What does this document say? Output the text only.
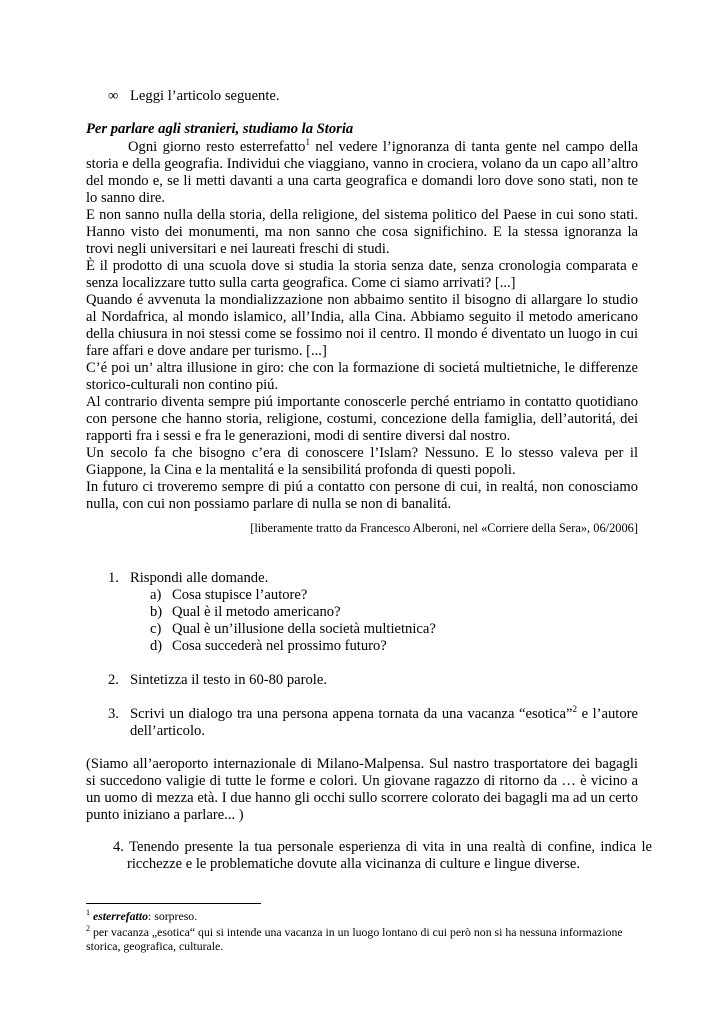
∞ Leggi l’articolo seguente.
Per parlare agli stranieri, studiamo la Storia

Ogni giorno resto esterrefatto$^1$ nel vedere l’ignoranza di tanta gente nel campo della storia e della geografia. Individui che viaggiano, vanno in crociera, volano da un capo all’altro del mondo e, se li metti davanti a una carta geografica e domandi loro dove sono stati, non te lo sanno dire.

E non sanno nulla della storia, della religione, del sistema politico del Paese in cui sono stati. Hanno visto dei monumenti, ma non sanno che cosa significhino. E la stessa ignoranza la trovi negli universitari e nei laureati freschi di studi.

È il prodotto di una scuola dove si studia la storia senza date, senza cronologia comparata e senza localizzare tutto sulla carta geografica. Come ci siamo arrivati? [...]

Quando é avvenuta la mondializzazione non abbaimo sentito il bisogno di allargare lo studio al Nordafrica, al mondo islamico, all’India, alla Cina. Abbiamo seguito il metodo americano della chiusura in noi stessi come se fossimo noi il centro. Il mondo é diventato un luogo in cui fare affari e dove andare per turismo. [...]

C’é poi un’ altra illusione in giro: che con la formazione di societá multietniche, le differenze storico-culturali non contino piú.

Al contrario diventa sempre piú importante conoscerle perché entriamo in contatto quotidiano con persone che hanno storia, religione, costumi, concezione della famiglia, dell’autoritá, dei rapporti fra i sessi e fra le generazioni, modi di sentire diversi dal nostro.

Un secolo fa che bisogno c’era di conoscere l’Islam? Nessuno. E lo stesso valeva per il Giappone, la Cina e la mentalitá e la sensibilitá profonda di questi popoli.

In futuro ci troveremo sempre di piú a contatto con persone di cui, in realtá, non conosciamo nulla, con cui non possiamo parlare di nulla se non di banalitá.

[liberamente tratto da Francesco Alberoni, nel «Corriere della Sera», 06/2006]
1. Rispondi alle domande.
a) Cosa stupisce l’autore?
b) Qual è il metodo americano?
c) Qual è un’illusione della società multietnica?
d) Cosa succederà nel prossimo futuro?
2. Sintetizza il testo in 60-80 parole.
3. Scrivi un dialogo tra una persona appena tornata da una vacanza “esotica”$^2$ e l’autore dell’articolo.
(Siamo all’aeroporto internazionale di Milano-Malpensa. Sul nastro trasportatore dei bagagli si succedono valigie di tutte le forme e colori. Un giovane ragazzo di ritorno da … è vicino a un uomo di mezza età. I due hanno gli occhi sullo scorrere colorato dei bagagli ma ad un certo punto iniziano a parlare... )
4. Tenendo presente la tua personale esperienza di vita in una realtà di confine, indica le ricchezze e le problematiche dovute alla vicinanza di culture e lingue diverse.
$^1$ esterrefatto: sorpreso.
$^2$ per vacanza „esotica“ qui si intende una vacanza in un luogo lontano di cui però non si ha nessuna informazione storica, geografica, culturale.
